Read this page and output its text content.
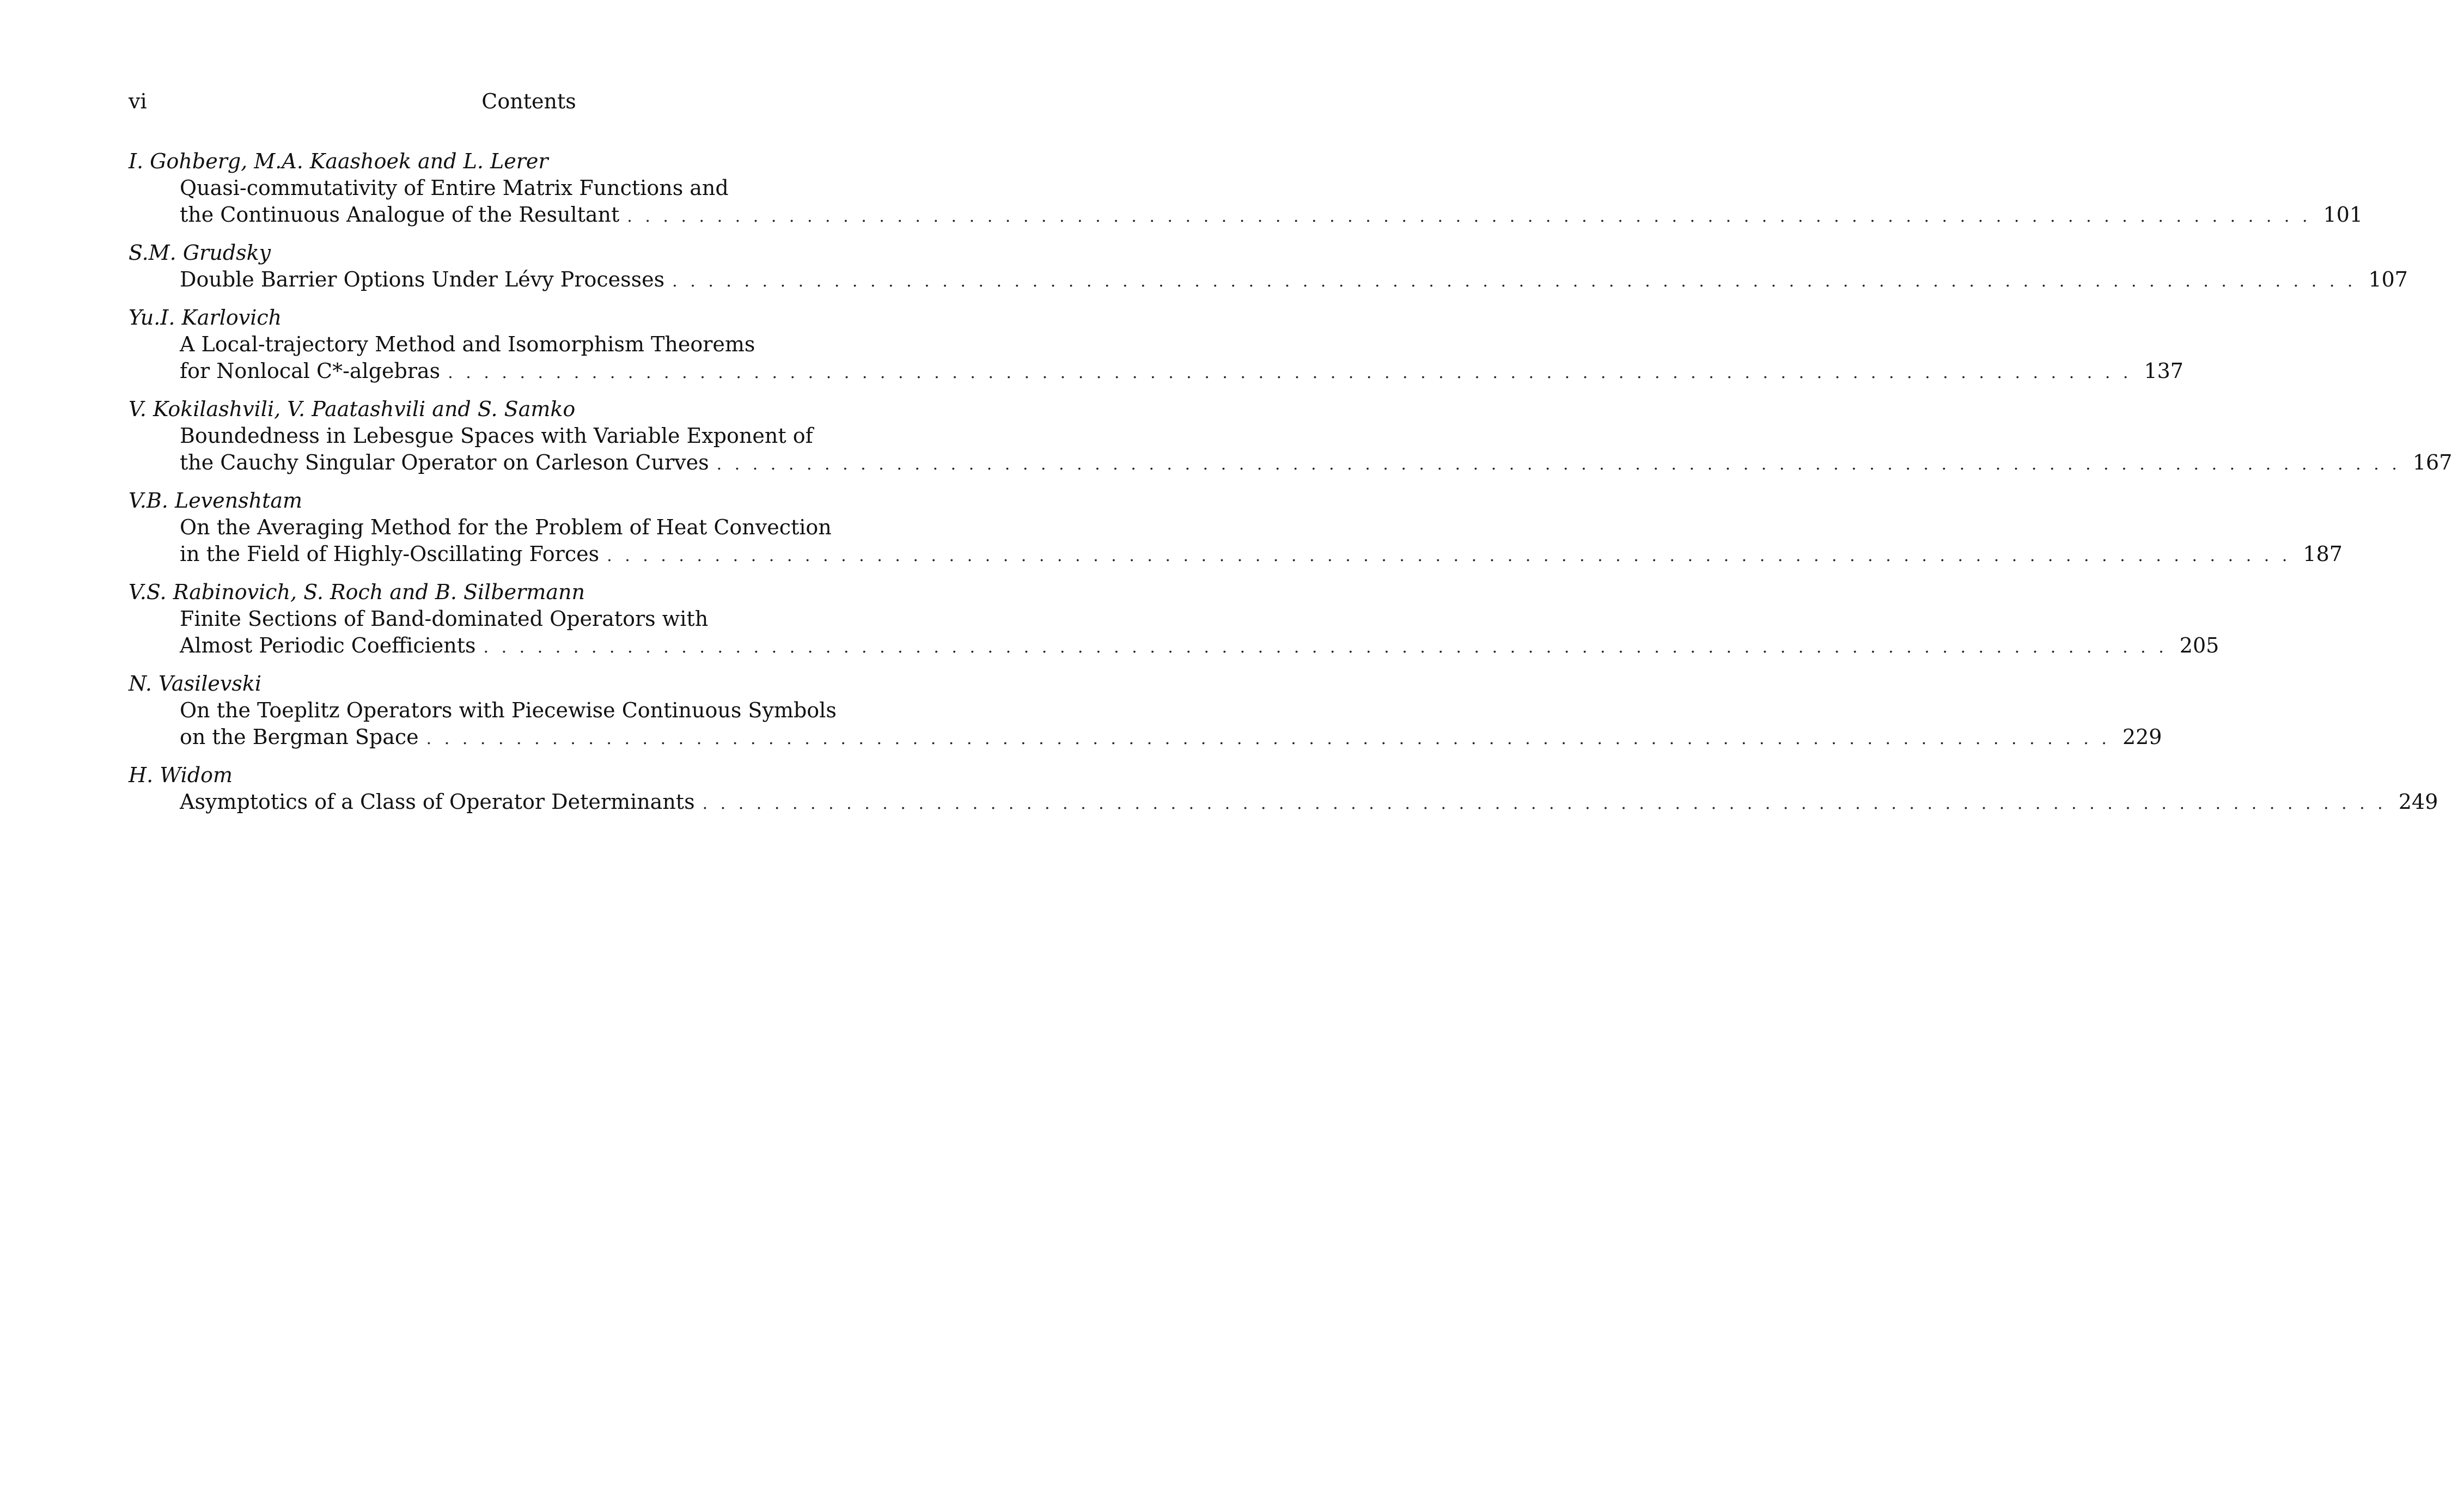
vi	Contents
I. Gohberg, M.A. Kaashoek and L. Lerer
Quasi-commutativity of Entire Matrix Functions and
the Continuous Analogue of the Resultant . . . . . . . . . . . . . . . . . . . . . . . . . . . . . . . . . . . . . . . . . . . . . . . . . . . . . . . . . . . . . . . . . . . . . . . . . . . . . . . . . . . . . . . . . . . . . . 101
S.M. Grudsky
Double Barrier Options Under Lévy Processes . . . . . . . . . . . . . . . . . . . . . . . . . . . . . . . . . . . . . . . . . . . . . . . . . . . . . . . . . . . . . . . . . . . . . . . . . . . . . . . . . . . . . . . . . . . . . . 107
Yu.I. Karlovich
A Local-trajectory Method and Isomorphism Theorems
for Nonlocal C*-algebras . . . . . . . . . . . . . . . . . . . . . . . . . . . . . . . . . . . . . . . . . . . . . . . . . . . . . . . . . . . . . . . . . . . . . . . . . . . . . . . . . . . . . . . . . . . . . . 137
V. Kokilashvili, V. Paatashvili and S. Samko
Boundedness in Lebesgue Spaces with Variable Exponent of
the Cauchy Singular Operator on Carleson Curves . . . . . . . . . . . . . . . . . . . . . . . . . . . . . . . . . . . . . . . . . . . . . . . . . . . . . . . . . . . . . . . . . . . . . . . . . . . . . . . . . . . . . . . . . . . . . . 167
V.B. Levenshtam
On the Averaging Method for the Problem of Heat Convection
in the Field of Highly-Oscillating Forces . . . . . . . . . . . . . . . . . . . . . . . . . . . . . . . . . . . . . . . . . . . . . . . . . . . . . . . . . . . . . . . . . . . . . . . . . . . . . . . . . . . . . . . . . . . . . . 187
V.S. Rabinovich, S. Roch and B. Silbermann
Finite Sections of Band-dominated Operators with
Almost Periodic Coefficients . . . . . . . . . . . . . . . . . . . . . . . . . . . . . . . . . . . . . . . . . . . . . . . . . . . . . . . . . . . . . . . . . . . . . . . . . . . . . . . . . . . . . . . . . . . . . . 205
N. Vasilevski
On the Toeplitz Operators with Piecewise Continuous Symbols
on the Bergman Space . . . . . . . . . . . . . . . . . . . . . . . . . . . . . . . . . . . . . . . . . . . . . . . . . . . . . . . . . . . . . . . . . . . . . . . . . . . . . . . . . . . . . . . . . . . . . . 229
H. Widom
Asymptotics of a Class of Operator Determinants . . . . . . . . . . . . . . . . . . . . . . . . . . . . . . . . . . . . . . . . . . . . . . . . . . . . . . . . . . . . . . . . . . . . . . . . . . . . . . . . . . . . . . . . . . . . . . 249
